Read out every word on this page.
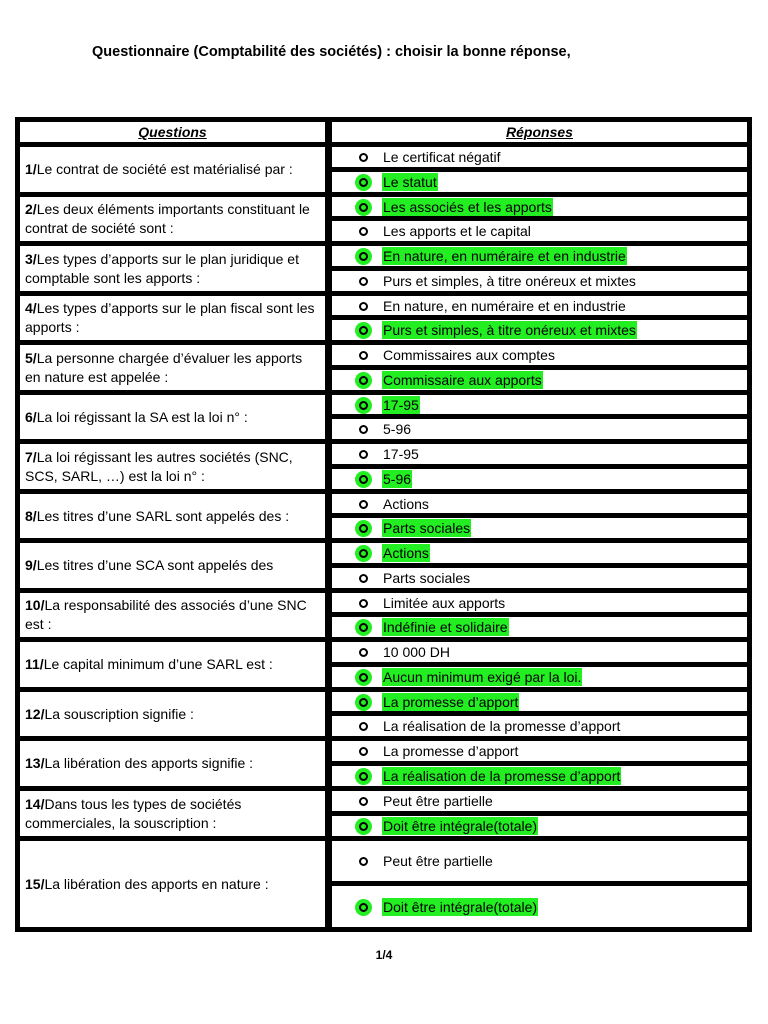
Questionnaire (Comptabilité des sociétés) : choisir la bonne réponse,
Questions	Réponses
1/Le contrat de société est matérialisé par :
Le certificat négatif
Le statut
2/Les deux éléments importants constituant le contrat de société sont :
Les associés et les apports
Les apports et le capital
3/Les types d’apports sur le plan juridique et comptable sont les apports :
En nature, en numéraire et en industrie
Purs et simples, à titre onéreux et mixtes
4/Les types d’apports sur le plan fiscal sont les apports :
En nature, en numéraire et en industrie
Purs et simples, à titre onéreux et mixtes
5/La personne chargée d’évaluer les apports en nature est appelée :
Commissaires aux comptes
Commissaire aux apports
6/La loi régissant la SA est la loi n° :
17-95
5-96
7/La loi régissant les autres sociétés (SNC, SCS, SARL, …) est la loi n° :
17-95
5-96
8/Les titres d’une SARL sont appelés des :
Actions
Parts sociales
9/Les titres d’une SCA sont appelés des
Actions
Parts sociales
10/La responsabilité des associés d’une SNC est :
Limitée aux apports
Indéfinie et solidaire
11/Le capital minimum d’une SARL est :
10 000 DH
Aucun minimum exigé par la loi.
12/La souscription signifie :
La promesse d’apport
La réalisation de la promesse d’apport
13/La libération des apports signifie :
La promesse d’apport
La réalisation de la promesse d’apport
14/Dans tous les types de sociétés commerciales, la souscription :
Peut être partielle
Doit être intégrale(totale)
15/La libération des apports en nature :
Peut être partielle
Doit être intégrale(totale)
1/4
